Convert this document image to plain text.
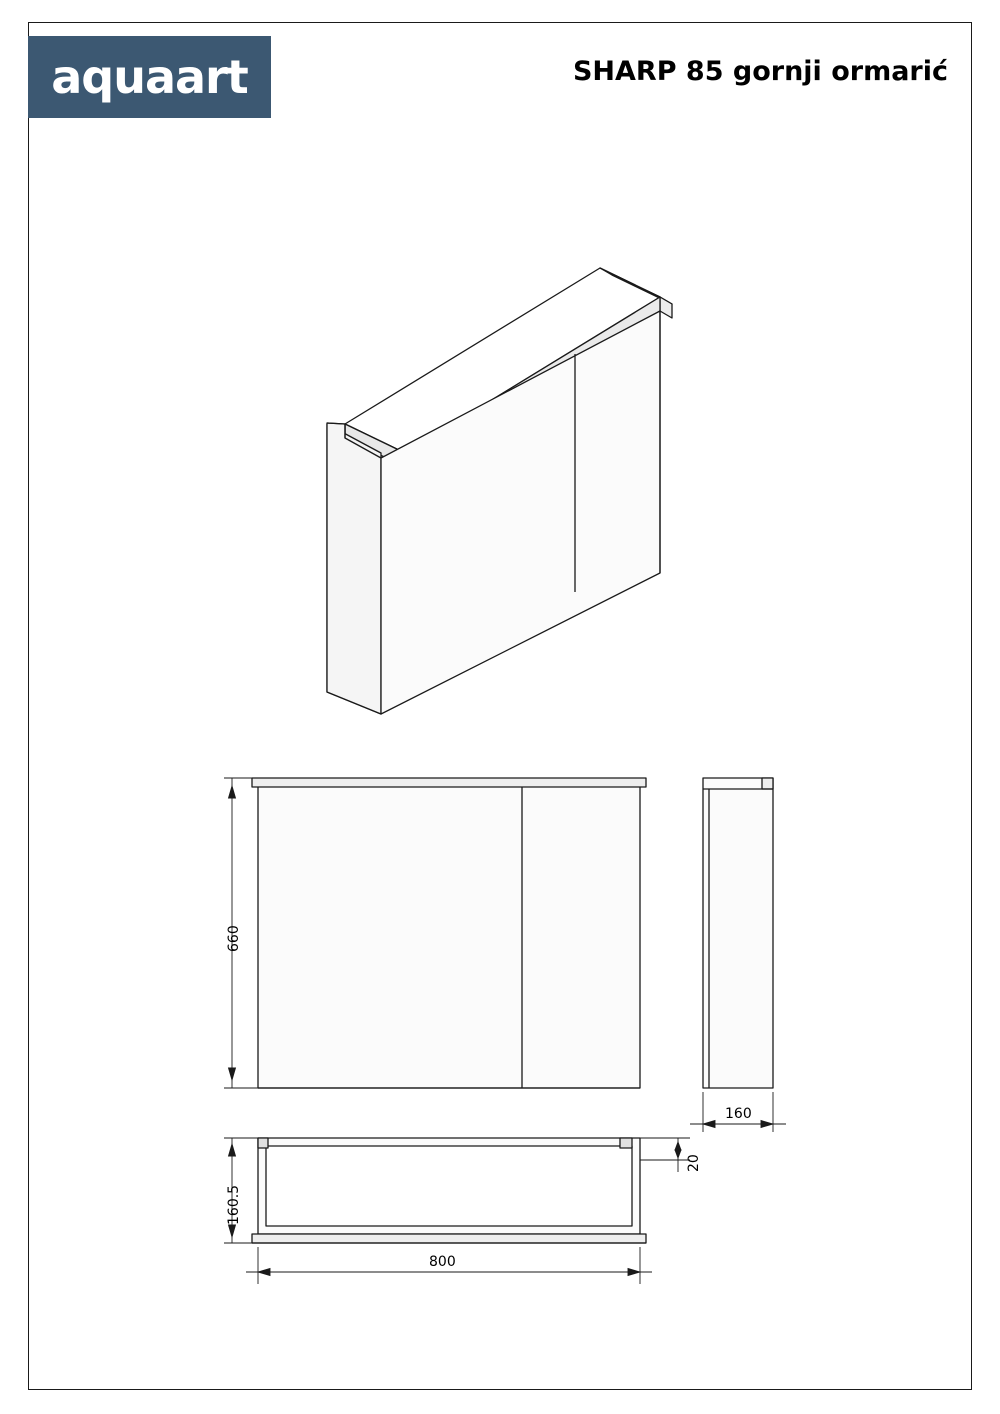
aquaart	SHARP 85 gornji ormarić
660
160
160.5
20
800
